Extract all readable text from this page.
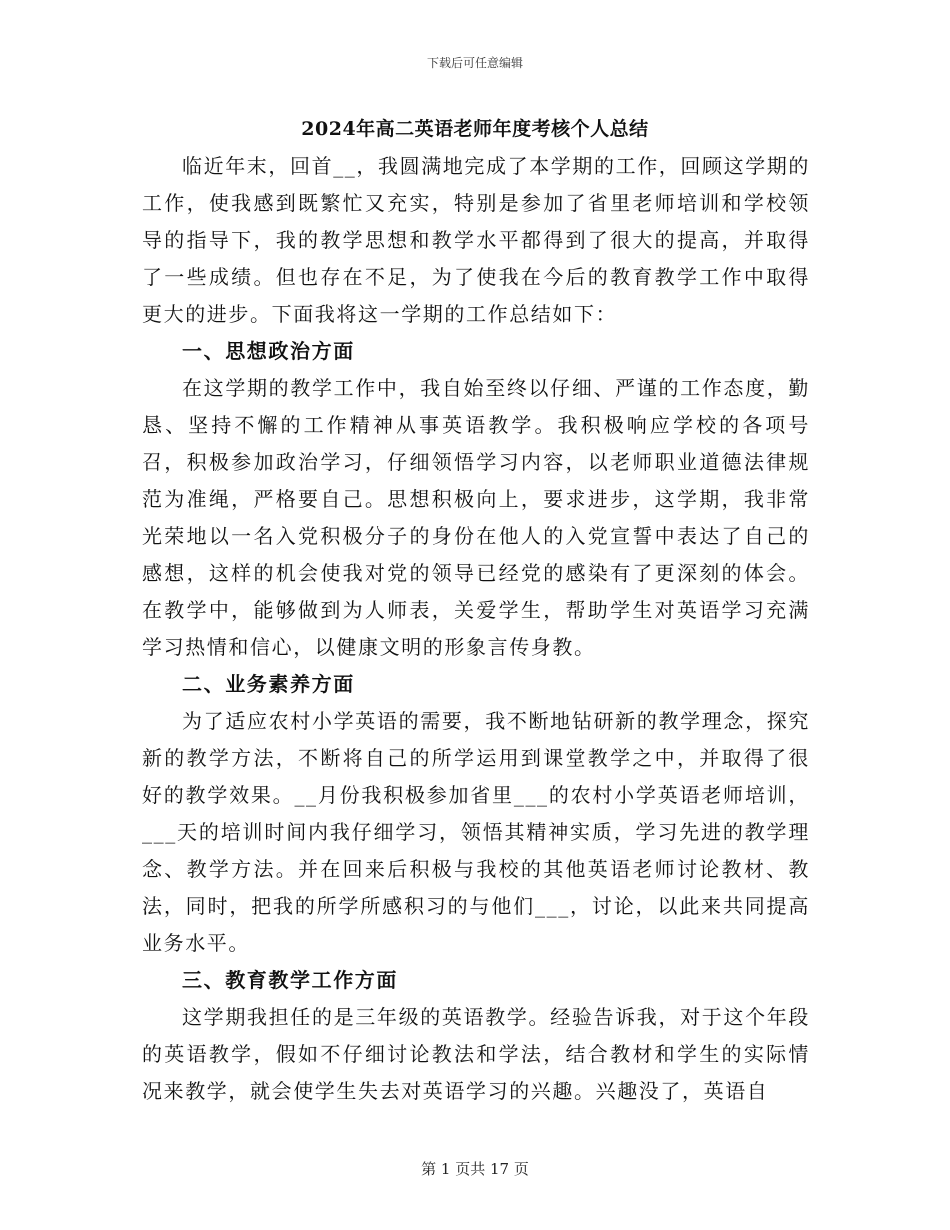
下载后可任意编辑
2024年高二英语老师年度考核个人总结

临近年末，回首__，我圆满地完成了本学期的工作，回顾这学期的工作，使我感到既繁忙又充实，特别是参加了省里老师培训和学校领导的指导下，我的教学思想和教学水平都得到了很大的提高，并取得了一些成绩。但也存在不足，为了使我在今后的教育教学工作中取得更大的进步。下面我将这一学期的工作总结如下：

一、思想政治方面

在这学期的教学工作中，我自始至终以仔细、严谨的工作态度，勤恳、坚持不懈的工作精神从事英语教学。我积极响应学校的各项号召，积极参加政治学习，仔细领悟学习内容，以老师职业道德法律规范为准绳，严格要自己。思想积极向上，要求进步，这学期，我非常光荣地以一名入党积极分子的身份在他人的入党宣誓中表达了自己的感想，这样的机会使我对党的领导已经党的感染有了更深刻的体会。在教学中，能够做到为人师表，关爱学生，帮助学生对英语学习充满学习热情和信心，以健康文明的形象言传身教。

二、业务素养方面

为了适应农村小学英语的需要，我不断地钻研新的教学理念，探究新的教学方法，不断将自己的所学运用到课堂教学之中，并取得了很好的教学效果。__月份我积极参加省里___的农村小学英语老师培训，___天的培训时间内我仔细学习，领悟其精神实质，学习先进的教学理念、教学方法。并在回来后积极与我校的其他英语老师讨论教材、教法，同时，把我的所学所感积习的与他们___，讨论，以此来共同提高业务水平。

三、教育教学工作方面

这学期我担任的是三年级的英语教学。经验告诉我，对于这个年段的英语教学，假如不仔细讨论教法和学法，结合教材和学生的实际情况来教学，就会使学生失去对英语学习的兴趣。兴趣没了，英语自

第 1 页共 17 页
